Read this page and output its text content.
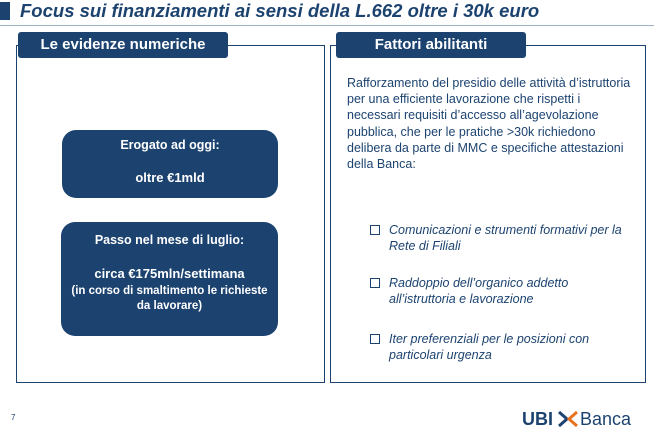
Focus sui finanziamenti ai sensi della L.662 oltre i 30k euro
Le evidenze numeriche	Fattori abilitanti
Erogato ad oggi:
oltre €1mld
Passo nel mese di luglio:
circa €175mln/settimana
(in corso di smaltimento le richieste da lavorare)
Rafforzamento del presidio delle attività d’istruttoria per una efficiente lavorazione che rispetti i necessari requisiti d’accesso all’agevolazione pubblica, che per le pratiche >30k richiedono delibera da parte di MMC e specifiche attestazioni della Banca:
Comunicazioni e strumenti formativi per la Rete di Filiali
Raddoppio dell’organico addetto all’istruttoria e lavorazione
Iter preferenziali per le posizioni con particolari urgenza
7	UBI Banca
